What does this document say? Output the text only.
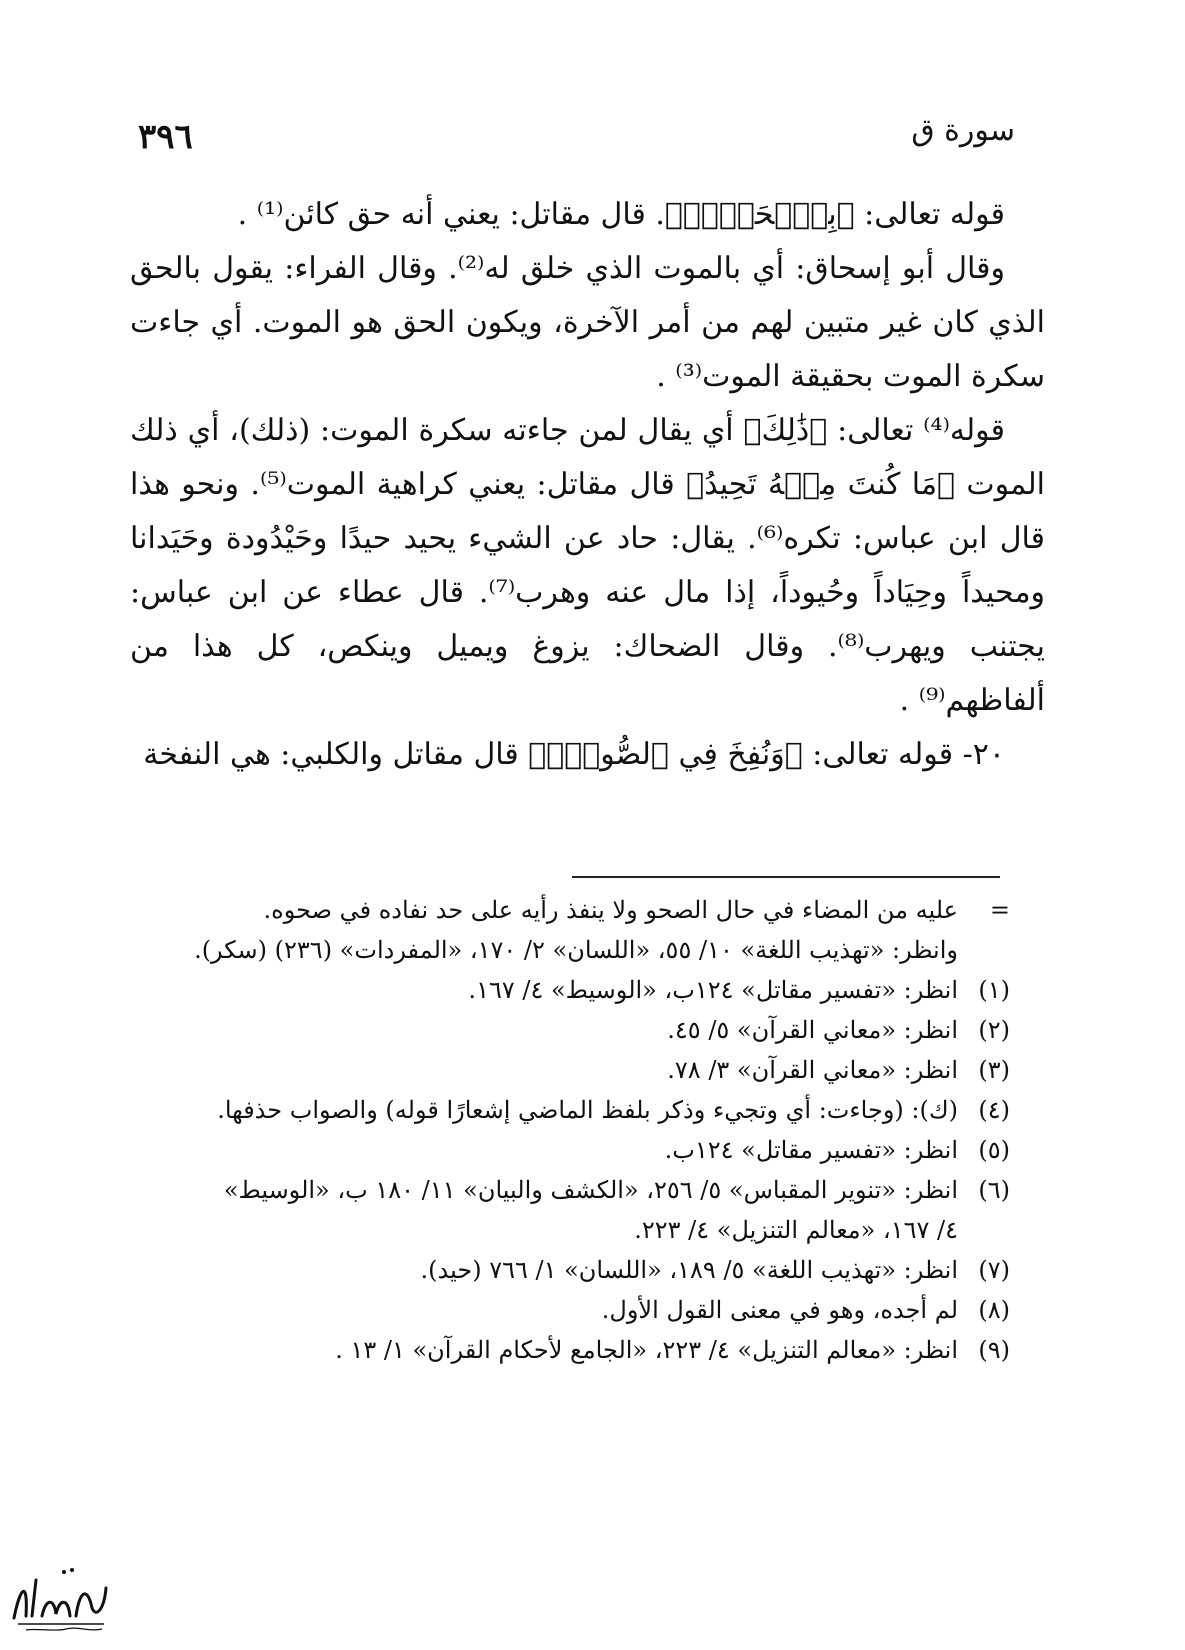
٣٩٦	سورة ق

قوله تعالى: ﴿بِٱلۡحَقِّۚ﴾. قال مقاتل: يعني أنه حق كائن⁽¹⁾ .

وقال أبو إسحاق: أي بالموت الذي خلق له⁽²⁾. وقال الفراء: يقول بالحق الذي كان غير متبين لهم من أمر الآخرة، ويكون الحق هو الموت. أي جاءت سكرة الموت بحقيقة الموت⁽³⁾ .

قوله⁽⁴⁾ تعالى: ﴿ذَٰلِكَ﴾ أي يقال لمن جاءته سكرة الموت: (ذلك)، أي ذلك الموت ﴿مَا كُنتَ مِنۡهُ تَحِيدُ﴾ قال مقاتل: يعني كراهية الموت⁽⁵⁾. ونحو هذا قال ابن عباس: تكره⁽⁶⁾. يقال: حاد عن الشيء يحيد حيدًا وحَيْدُودة وحَيَدانا ومحيداً وحِيَاداً وحُيوداً، إذا مال عنه وهرب⁽⁷⁾. قال عطاء عن ابن عباس: يجتنب ويهرب⁽⁸⁾. وقال الضحاك: يزوغ ويميل وينكص، كل هذا من ألفاظهم⁽⁹⁾ .

٢٠- قوله تعالى: ﴿وَنُفِخَ فِي ٱلصُّورِۚ﴾ قال مقاتل والكلبي: هي النفخة

=
عليه من المضاء في حال الصحو ولا ينفذ رأيه على حد نفاده في صحوه.
وانظر: «تهذيب اللغة» ١٠/ ٥٥، «اللسان» ٢/ ١٧٠، «المفردات» (٢٣٦) (سكر).
(١)
انظر: «تفسير مقاتل» ١٢٤ب، «الوسيط» ٤/ ١٦٧.
(٢)
انظر: «معاني القرآن» ٥/ ٤٥.
(٣)
انظر: «معاني القرآن» ٣/ ٧٨.
(٤)
(ك): (وجاءت: أي وتجيء وذكر بلفظ الماضي إشعارًا قوله) والصواب حذفها.
(٥)
انظر: «تفسير مقاتل» ١٢٤ب.
(٦)
انظر: «تنوير المقباس» ٥/ ٢٥٦، «الكشف والبيان» ١١/ ١٨٠ ب، «الوسيط»
٤/ ١٦٧، «معالم التنزيل» ٤/ ٢٢٣.
(٧)
انظر: «تهذيب اللغة» ٥/ ١٨٩، «اللسان» ١/ ٧٦٦ (حيد).
(٨)
لم أجده، وهو في معنى القول الأول.
(٩)
انظر: «معالم التنزيل» ٤/ ٢٢٣، «الجامع لأحكام القرآن» ١/ ١٣ .
